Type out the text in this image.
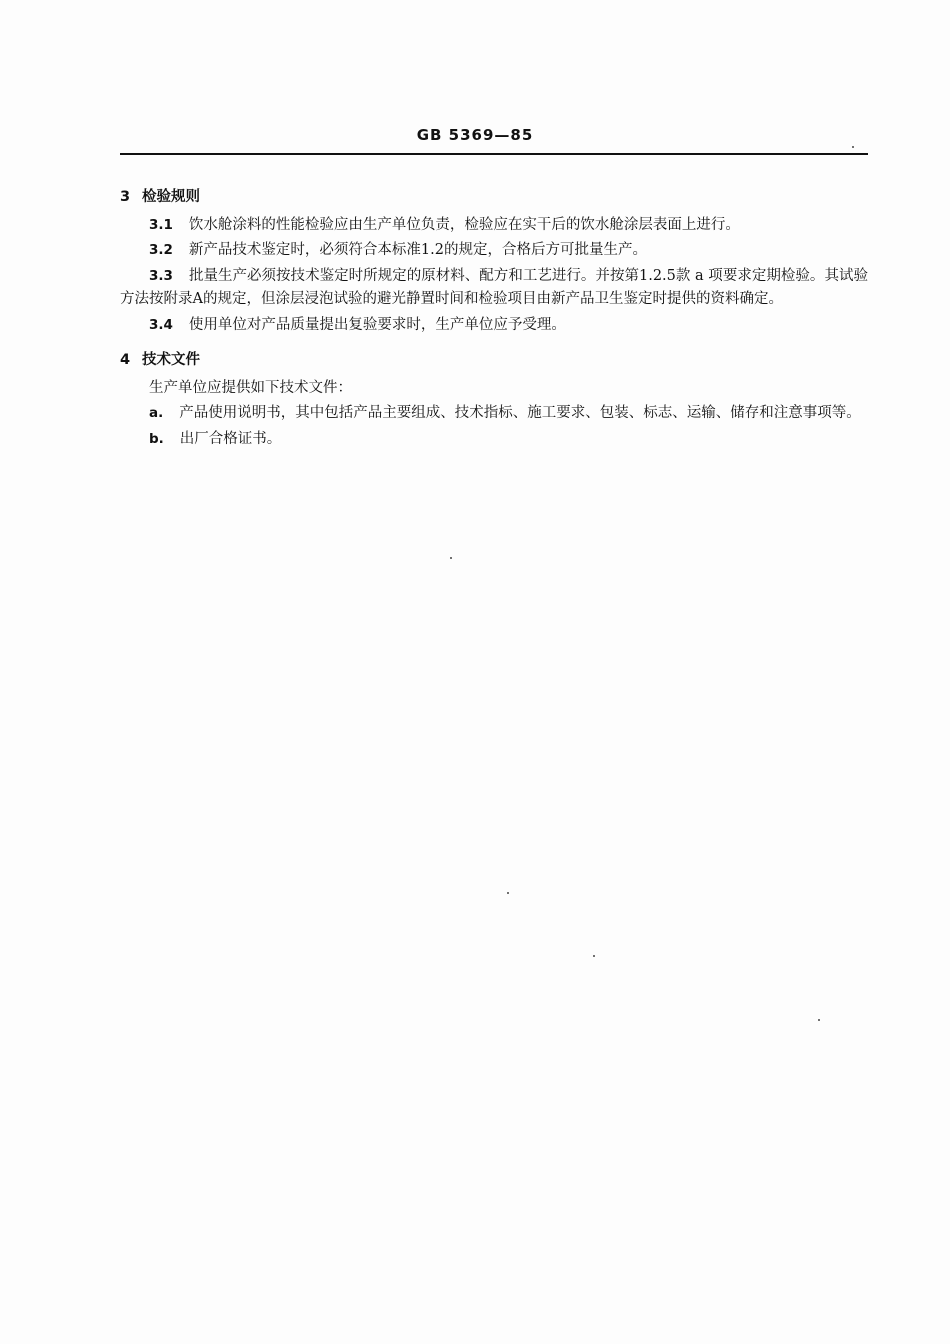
GB 5369—85
3 检验规则

3.1 饮水舱涂料的性能检验应由生产单位负责，检验应在实干后的饮水舱涂层表面上进行。

3.2 新产品技术鉴定时，必须符合本标准1.2的规定，合格后方可批量生产。

3.3 批量生产必须按技术鉴定时所规定的原材料、配方和工艺进行。并按第1.2.5款 a 项要求定期检验。其试验方法按附录A的规定，但涂层浸泡试验的避光静置时间和检验项目由新产品卫生鉴定时提供的资料确定。

3.4 使用单位对产品质量提出复验要求时，生产单位应予受理。

4 技术文件

生产单位应提供如下技术文件：

a. 产品使用说明书，其中包括产品主要组成、技术指标、施工要求、包装、标志、运输、储存和注意事项等。

b. 出厂合格证书。
